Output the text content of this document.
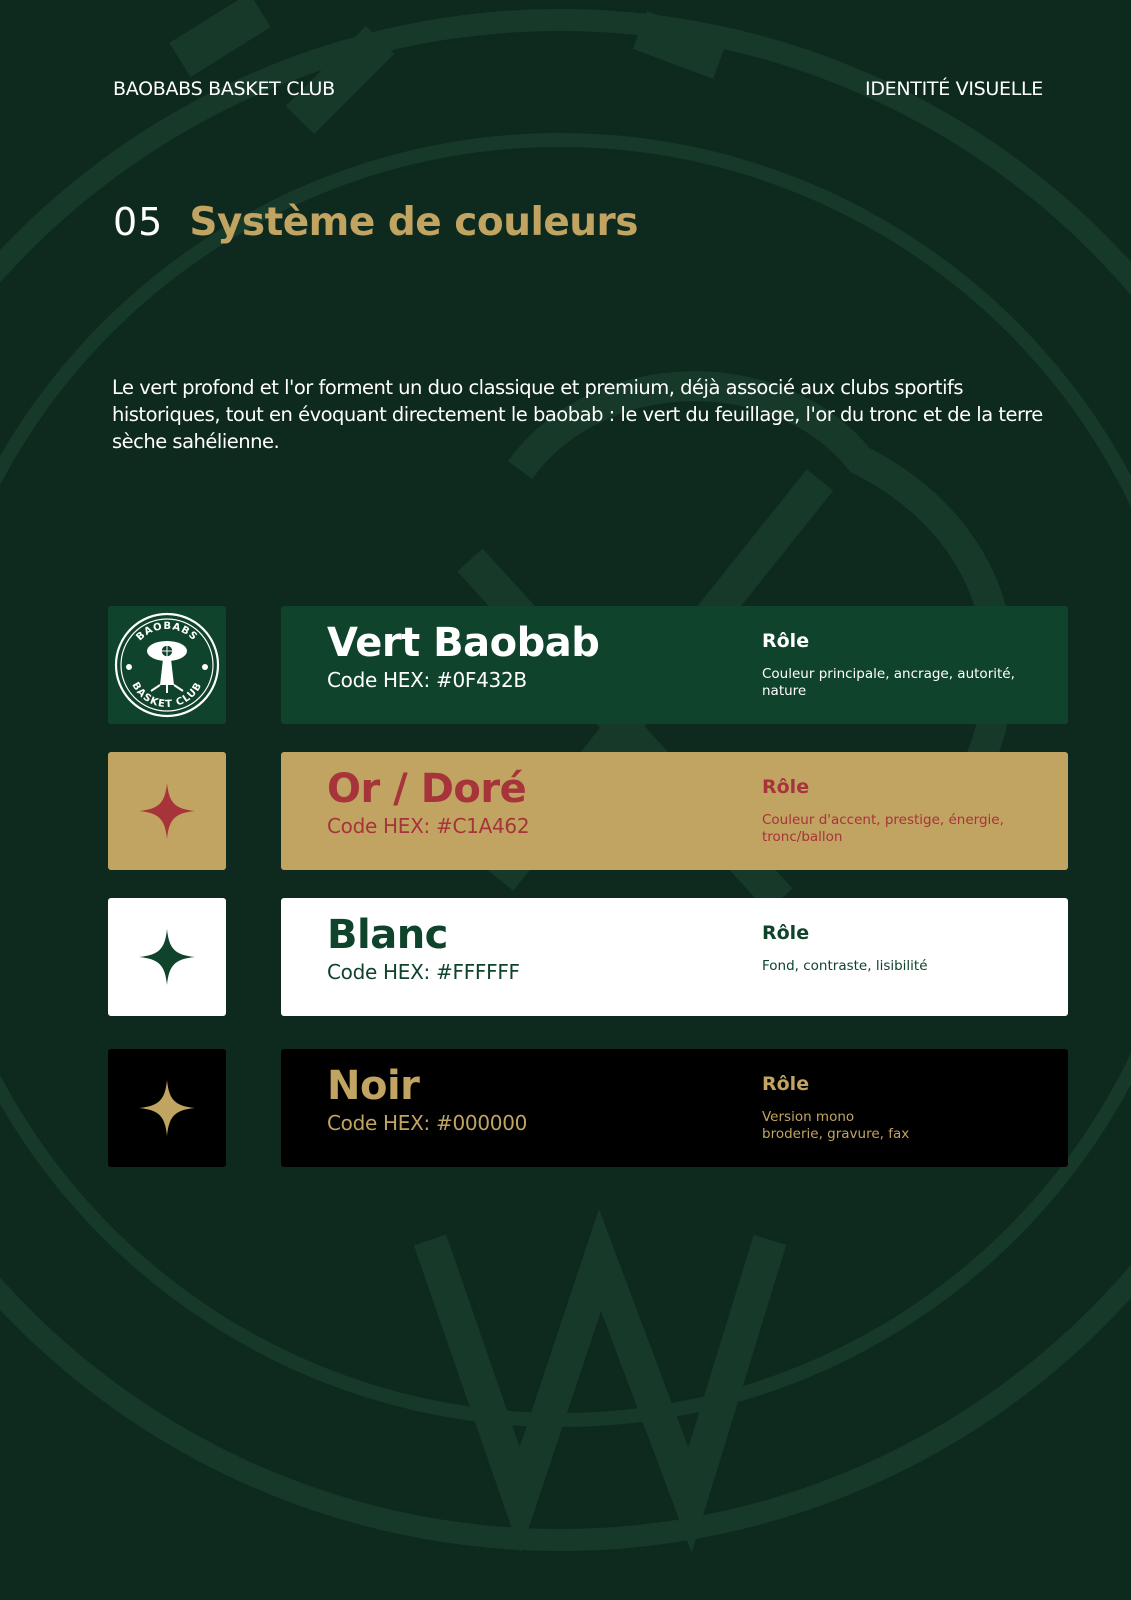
BAOBABS BASKET CLUB	IDENTITÉ VISUELLE
05 Système de couleurs

Le vert profond et l'or forment un duo classique et premium, déjà associé aux clubs sportifs historiques, tout en évoquant directement le baobab : le vert du feuillage, l'or du tronc et de la terre sèche sahélienne.

BAOBABS
BASKET CLUB
Vert Baobab
Code HEX: #0F432B
Rôle
Couleur principale, ancrage, autorité, nature
Or / Doré
Code HEX: #C1A462
Rôle
Couleur d'accent, prestige, énergie, tronc/ballon
Blanc
Code HEX: #FFFFFF
Rôle
Fond, contraste, lisibilité
Noir
Code HEX: #000000
Rôle
Version mono
broderie, gravure, fax
